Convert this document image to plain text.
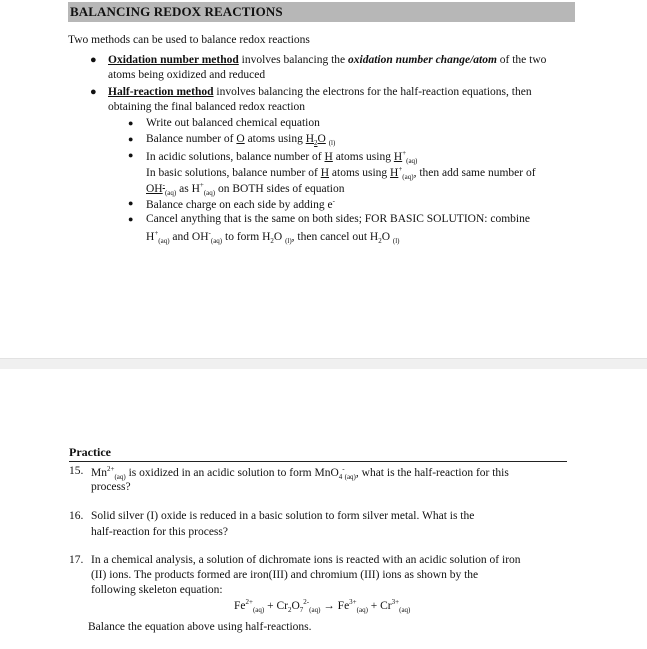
BALANCING REDOX REACTIONS
Two methods can be used to balance redox reactions
● Oxidation number method involves balancing the oxidation number change/atom of the two
atoms being oxidized and reduced
● Half-reaction method involves balancing the electrons for the half-reaction equations, then
obtaining the final balanced redox reaction
● Write out balanced chemical equation
● Balance number of O atoms using $H_2O$ $_{(l)}$
● In acidic solutions, balance number of H atoms using $H^+_{(aq)}$
In basic solutions, balance number of H atoms using $H^+_{(aq)}$, then add same number of
$OH^-_{(aq)}$ as $H^+_{(aq)}$ on BOTH sides of equation
● Balance charge on each side by adding e-
● Cancel anything that is the same on both sides; FOR BASIC SOLUTION: combine
$H^+_{(aq)}$ and $OH^-_{(aq)}$ to form $H_2O$ $_{(l)}$, then cancel out $H_2O$ $_{(l)}$
Practice
15. $Mn^{2+}_{(aq)}$ is oxidized in an acidic solution to form MnO$_4$-$_{(aq)}$, what is the half-reaction for this
process?
16. Solid silver (I) oxide is reduced in a basic solution to form silver metal. What is the
half-reaction for this process?
17. In a chemical analysis, a solution of dichromate ions is reacted with an acidic solution of iron
(II) ions. The products formed are iron(III) and chromium (III) ions as shown by the
following skeleton equation:
$Fe^{2+}_{(aq)} + Cr_2O_7^{2-}_{(aq)} \to Fe^{3+}_{(aq)} + Cr^{3+}_{(aq)}$
Balance the equation above using half-reactions.
